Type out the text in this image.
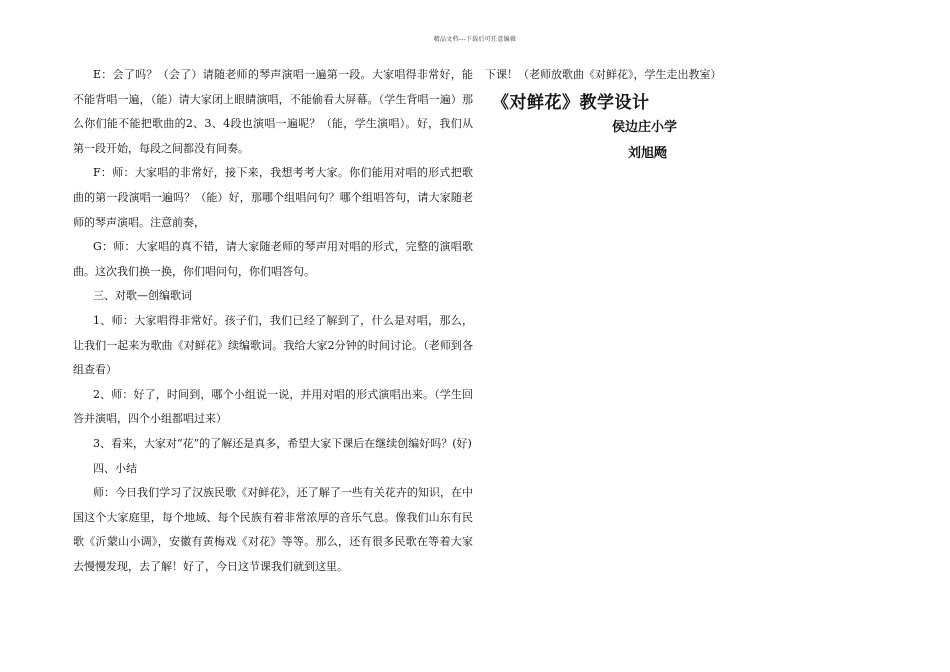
精品文档---下载后可任意编辑

E：会了吗？（会了）请随老师的琴声演唱一遍第一段。大家唱得非常好，能不能背唱一遍，（能）请大家闭上眼睛演唱，不能偷看大屏幕。（学生背唱一遍）那么你们能不能把歌曲的2、3、4段也演唱一遍呢？（能，学生演唱）。好，我们从第一段开始，每段之间都没有间奏。

F：师：大家唱的非常好，接下来，我想考考大家。你们能用对唱的形式把歌曲的第一段演唱一遍吗？（能）好，那哪个组唱问句？哪个组唱答句，请大家随老师的琴声演唱。注意前奏，

G：师：大家唱的真不错，请大家随老师的琴声用对唱的形式，完整的演唱歌曲。这次我们换一换，你们唱问句，你们唱答句。

三、对歌—创编歌词

1、师：大家唱得非常好。孩子们，我们已经了解到了，什么是对唱，那么，让我们一起来为歌曲《对鲜花》续编歌词。我给大家2分钟的时间讨论。（老师到各组查看）

2、师：好了，时间到，哪个小组说一说，并用对唱的形式演唱出来。（学生回答并演唱，四个小组都唱过来）

3、看来，大家对“花”的了解还是真多，希望大家下课后在继续创编好吗？(好)

四、小结

师：今日我们学习了汉族民歌《对鲜花》，还了解了一些有关花卉的知识，在中国这个大家庭里，每个地域、每个民族有着非常浓厚的音乐气息。像我们山东有民歌《沂蒙山小调》，安徽有黄梅戏《对花》等等。那么，还有很多民歌在等着大家去慢慢发现，去了解！好了，今日这节课我们就到这里。

下课！（老师放歌曲《对鲜花》，学生走出教室）

《对鲜花》教学设计
侯边庄小学
刘旭飏
